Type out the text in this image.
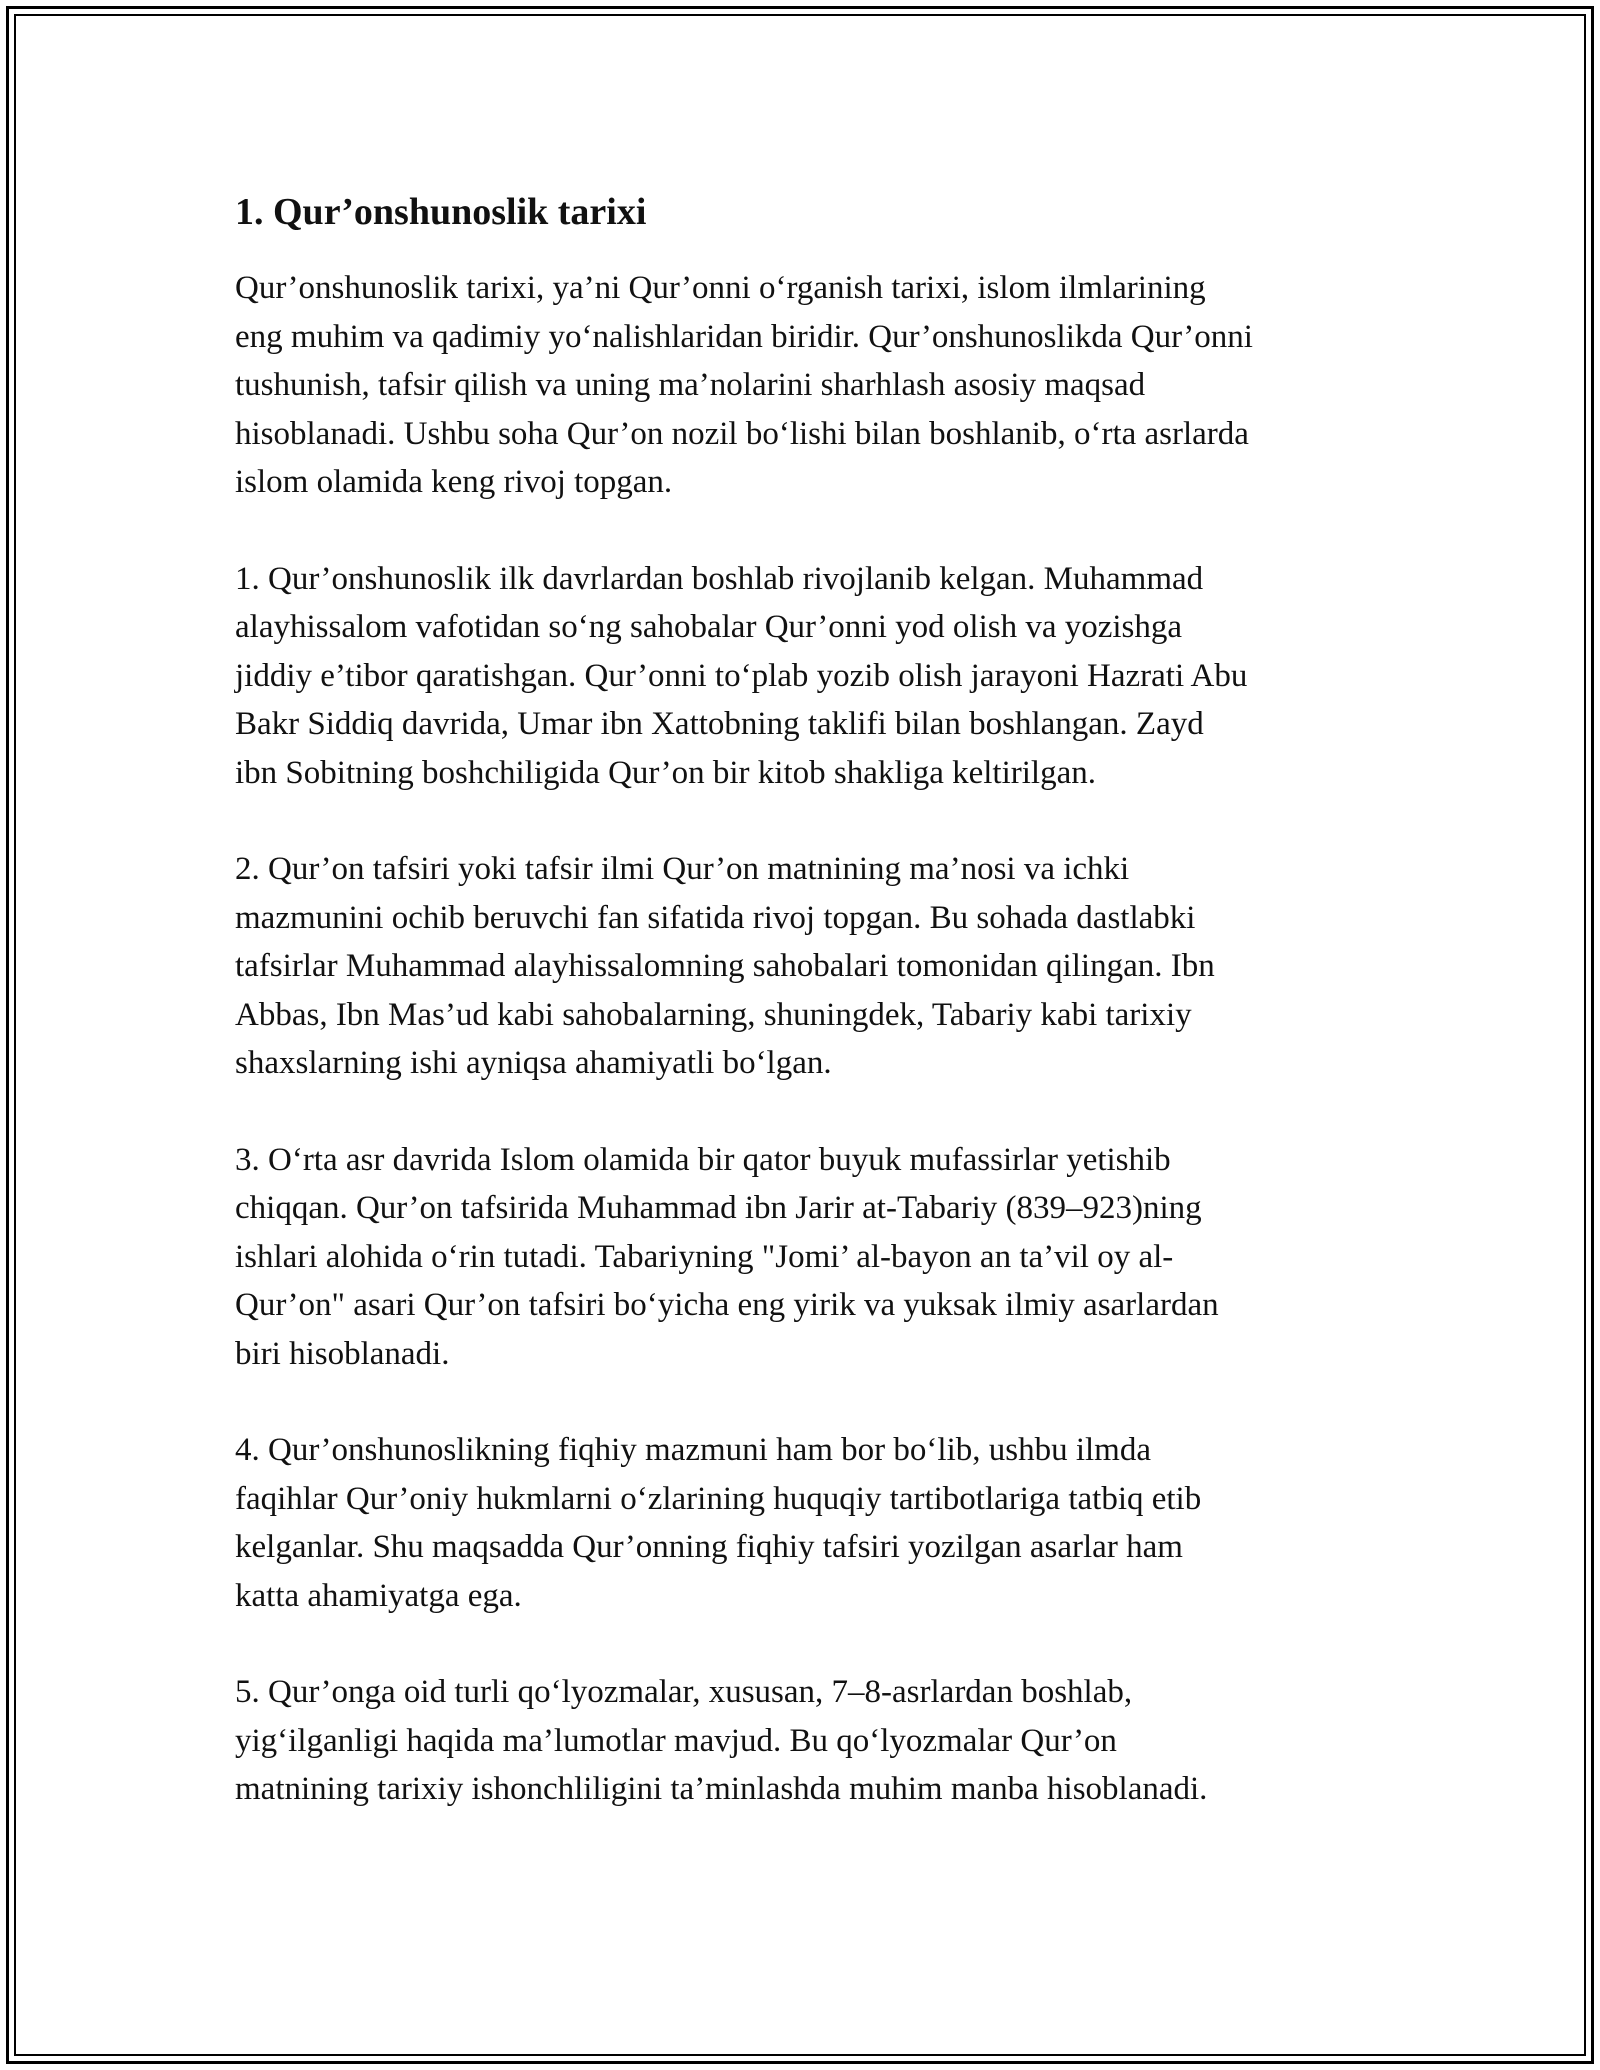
1. Qur’onshunoslik tarixi
Qur’onshunoslik tarixi, ya’ni Qur’onni o‘rganish tarixi, islom ilmlarining
eng muhim va qadimiy yo‘nalishlaridan biridir. Qur’onshunoslikda Qur’onni
tushunish, tafsir qilish va uning ma’nolarini sharhlash asosiy maqsad
hisoblanadi. Ushbu soha Qur’on nozil bo‘lishi bilan boshlanib, o‘rta asrlarda
islom olamida keng rivoj topgan.
1. Qur’onshunoslik ilk davrlardan boshlab rivojlanib kelgan. Muhammad
alayhissalom vafotidan so‘ng sahobalar Qur’onni yod olish va yozishga
jiddiy e’tibor qaratishgan. Qur’onni to‘plab yozib olish jarayoni Hazrati Abu
Bakr Siddiq davrida, Umar ibn Xattobning taklifi bilan boshlangan. Zayd
ibn Sobitning boshchiligida Qur’on bir kitob shakliga keltirilgan.
2. Qur’on tafsiri yoki tafsir ilmi Qur’on matnining ma’nosi va ichki
mazmunini ochib beruvchi fan sifatida rivoj topgan. Bu sohada dastlabki
tafsirlar Muhammad alayhissalomning sahobalari tomonidan qilingan. Ibn
Abbas, Ibn Mas’ud kabi sahobalarning, shuningdek, Tabariy kabi tarixiy
shaxslarning ishi ayniqsa ahamiyatli bo‘lgan.
3. O‘rta asr davrida Islom olamida bir qator buyuk mufassirlar yetishib
chiqqan. Qur’on tafsirida Muhammad ibn Jarir at-Tabariy (839–923)ning
ishlari alohida o‘rin tutadi. Tabariyning "Jomi’ al-bayon an ta’vil oy al-
Qur’on" asari Qur’on tafsiri bo‘yicha eng yirik va yuksak ilmiy asarlardan
biri hisoblanadi.
4. Qur’onshunoslikning fiqhiy mazmuni ham bor bo‘lib, ushbu ilmda
faqihlar Qur’oniy hukmlarni o‘zlarining huquqiy tartibotlariga tatbiq etib
kelganlar. Shu maqsadda Qur’onning fiqhiy tafsiri yozilgan asarlar ham
katta ahamiyatga ega.
5. Qur’onga oid turli qo‘lyozmalar, xususan, 7–8-asrlardan boshlab,
yig‘ilganligi haqida ma’lumotlar mavjud. Bu qo‘lyozmalar Qur’on
matnining tarixiy ishonchliligini ta’minlashda muhim manba hisoblanadi.
